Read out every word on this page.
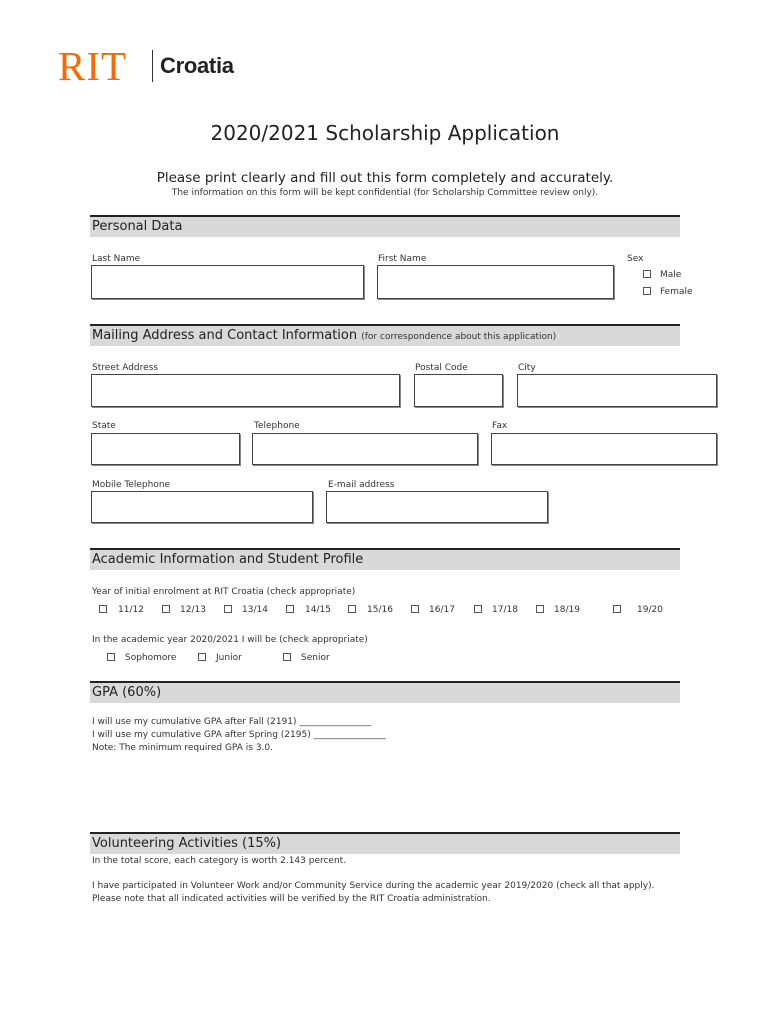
RIT Croatia
2020/2021 Scholarship Application
Please print clearly and fill out this form completely and accurately.
The information on this form will be kept confidential (for Scholarship Committee review only).
Personal Data
Last Name	First Name	Sex
Male
Female
Mailing Address and Contact Information (for correspondence about this application)
Street Address	Postal Code	City
State	Telephone	Fax
Mobile Telephone	E-mail address
Academic Information and Student Profile
Year of initial enrolment at RIT Croatia (check appropriate)
11/12	12/13	13/14	14/15	15/16	16/17	17/18	18/19	19/20
In the academic year 2020/2021 I will be (check appropriate)
Sophomore	Junior	Senior
GPA (60%)
I will use my cumulative GPA after Fall (2191) ________________
I will use my cumulative GPA after Spring (2195) ________________
Note: The minimum required GPA is 3.0.
Volunteering Activities (15%)
In the total score, each category is worth 2.143 percent.
I have participated in Volunteer Work and/or Community Service during the academic year 2019/2020 (check all that apply).
Please note that all indicated activities will be verified by the RIT Croatia administration.
